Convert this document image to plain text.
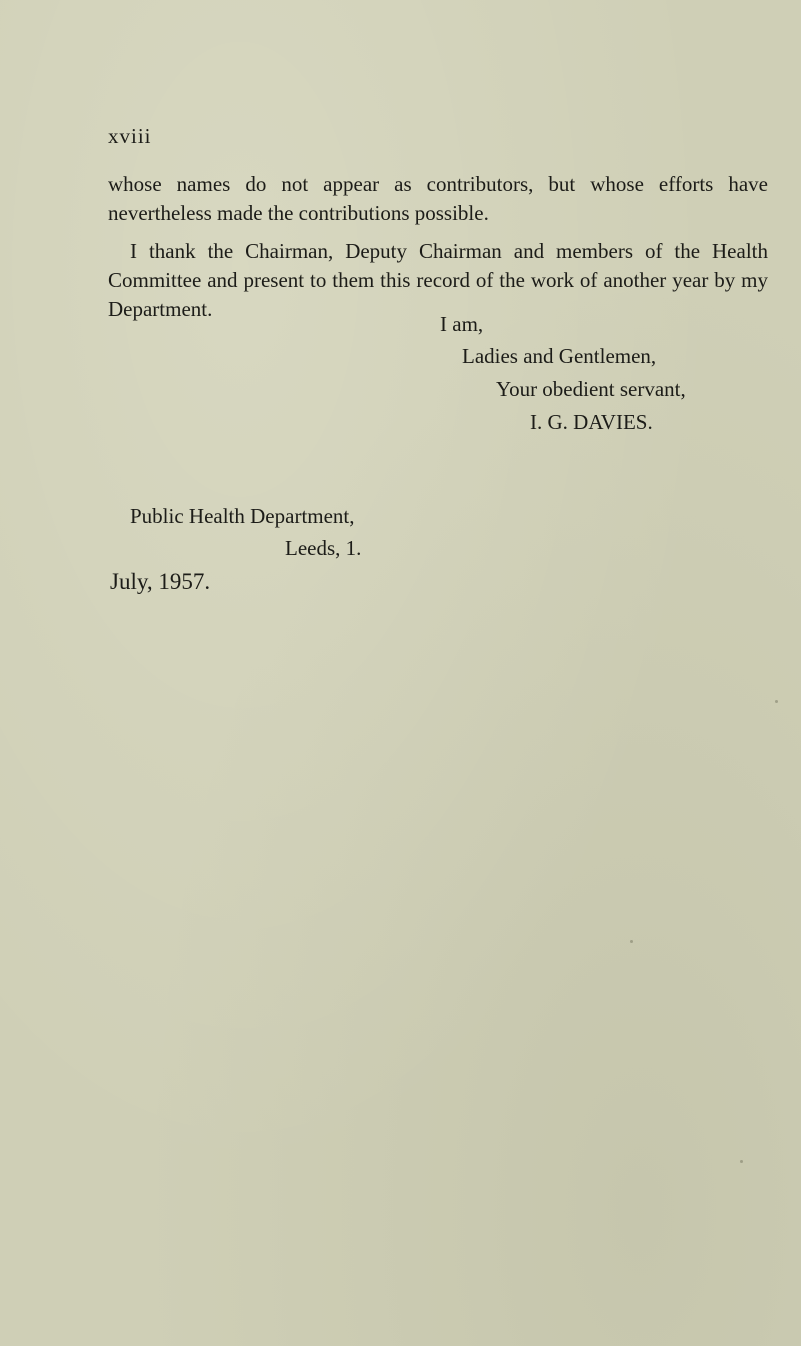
xviii

whose names do not appear as contributors, but whose efforts have nevertheless made the contributions possible.

I thank the Chairman, Deputy Chairman and members of the Health Committee and present to them this record of the work of another year by my Department.

I am,
Ladies and Gentlemen,
Your obedient servant,
I. G. DAVIES.
Public Health Department,
Leeds, 1.
July, 1957.
